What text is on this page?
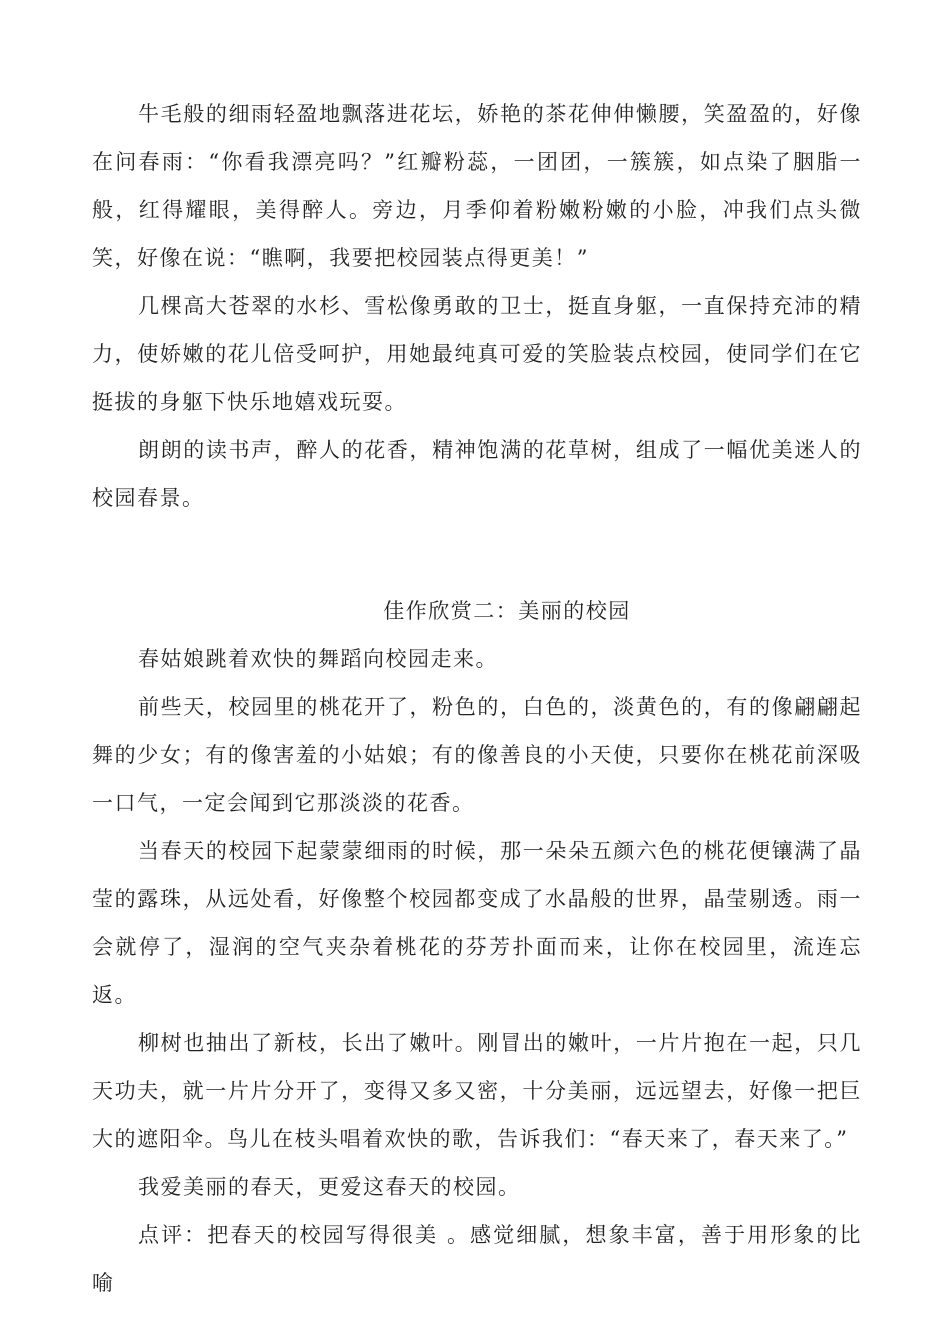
牛毛般的细雨轻盈地飘落进花坛，娇艳的茶花伸伸懒腰，笑盈盈的，好像在问春雨：“你看我漂亮吗？”红瓣粉蕊，一团团，一簇簇，如点染了胭脂一般，红得耀眼，美得醉人。旁边，月季仰着粉嫩粉嫩的小脸，冲我们点头微笑，好像在说：“瞧啊，我要把校园装点得更美！”

几棵高大苍翠的水杉、雪松像勇敢的卫士，挺直身躯，一直保持充沛的精力，使娇嫩的花儿倍受呵护，用她最纯真可爱的笑脸装点校园，使同学们在它挺拔的身躯下快乐地嬉戏玩耍。

朗朗的读书声，醉人的花香，精神饱满的花草树，组成了一幅优美迷人的校园春景。

佳作欣赏二：美丽的校园

春姑娘跳着欢快的舞蹈向校园走来。

前些天，校园里的桃花开了，粉色的，白色的，淡黄色的，有的像翩翩起舞的少女；有的像害羞的小姑娘；有的像善良的小天使，只要你在桃花前深吸一口气，一定会闻到它那淡淡的花香。

当春天的校园下起蒙蒙细雨的时候，那一朵朵五颜六色的桃花便镶满了晶莹的露珠，从远处看，好像整个校园都变成了水晶般的世界，晶莹剔透。雨一会就停了，湿润的空气夹杂着桃花的芬芳扑面而来，让你在校园里，流连忘返。

柳树也抽出了新枝，长出了嫩叶。刚冒出的嫩叶，一片片抱在一起，只几天功夫，就一片片分开了，变得又多又密，十分美丽，远远望去，好像一把巨大的遮阳伞。鸟儿在枝头唱着欢快的歌，告诉我们：“春天来了，春天来了。”

我爱美丽的春天，更爱这春天的校园。

点评：把春天的校园写得很美 。感觉细腻，想象丰富，善于用形象的比喻
